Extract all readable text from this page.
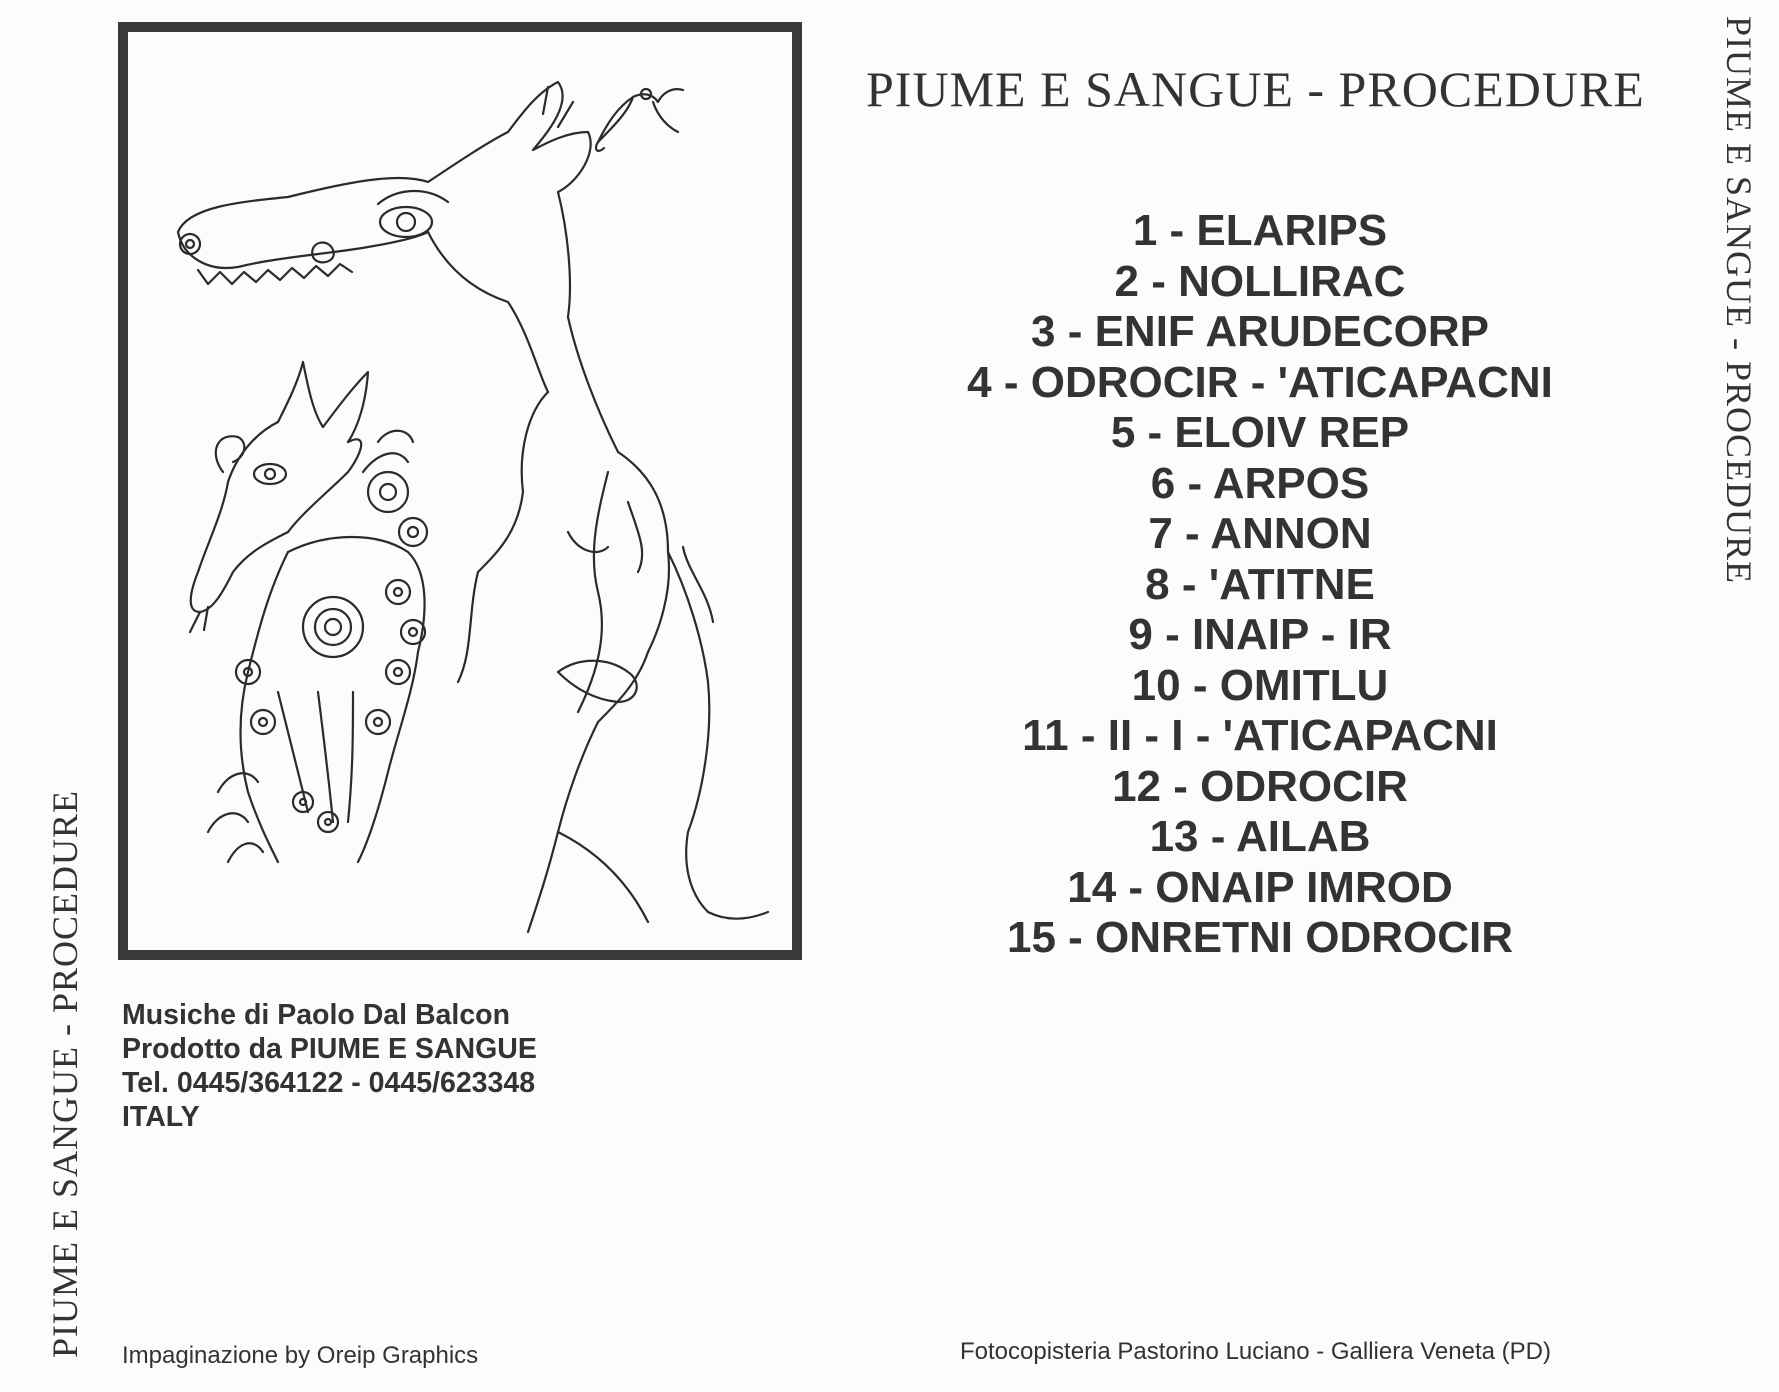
PIUME E SANGUE - PROCEDURE
PIUME E SANGUE - PROCEDURE
PIUME E SANGUE - PROCEDURE
1 - ELARIPS
2 - NOLLIRAC
3 - ENIF ARUDECORP
4 - ODROCIR - 'ATICAPACNI
5 - ELOIV REP
6 - ARPOS
7 - ANNON
8 - 'ATITNE
9 - INAIP - IR
10 - OMITLU
11 - II - I - 'ATICAPACNI
12 - ODROCIR
13 - AILAB
14 - ONAIP IMROD
15 - ONRETNI ODROCIR
Musiche di Paolo Dal Balcon
Prodotto da PIUME E SANGUE
Tel. 0445/364122 - 0445/623348
ITALY
Impaginazione by Oreip Graphics	Fotocopisteria Pastorino Luciano - Galliera Veneta (PD)
